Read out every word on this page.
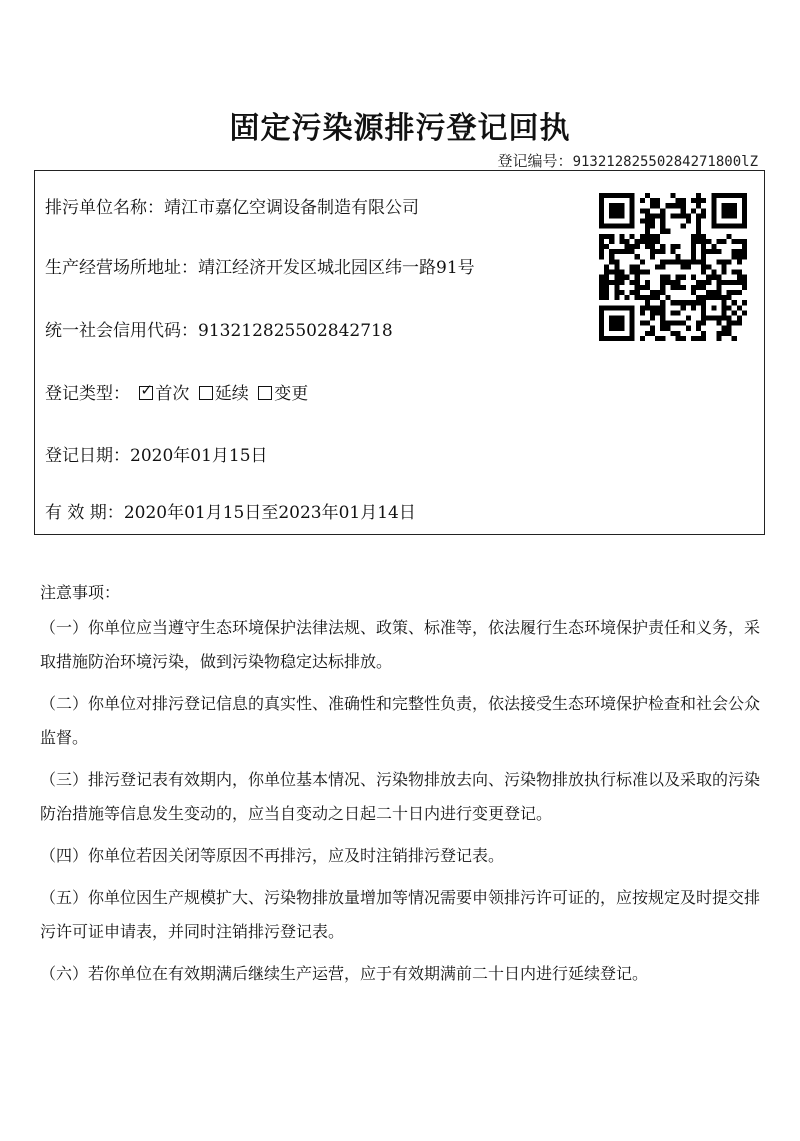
固定污染源排污登记回执
登记编号：91321282550284271800lZ
排污单位名称：靖江市嘉亿空调设备制造有限公司
生产经营场所地址：靖江经济开发区城北园区纬一路91号
统一社会信用代码：913212825502842718
登记类型： ✓ 首次 延续 变更
登记日期：2020年01月15日
有 效 期：2020年01月15日至2023年01月14日
注意事项：

（一）你单位应当遵守生态环境保护法律法规、政策、标准等，依法履行生态环境保护责任和义务，采取措施防治环境污染，做到污染物稳定达标排放。

（二）你单位对排污登记信息的真实性、准确性和完整性负责，依法接受生态环境保护检查和社会公众监督。

（三）排污登记表有效期内，你单位基本情况、污染物排放去向、污染物排放执行标准以及采取的污染防治措施等信息发生变动的，应当自变动之日起二十日内进行变更登记。

（四）你单位若因关闭等原因不再排污，应及时注销排污登记表。

（五）你单位因生产规模扩大、污染物排放量增加等情况需要申领排污许可证的，应按规定及时提交排污许可证申请表，并同时注销排污登记表。

（六）若你单位在有效期满后继续生产运营，应于有效期满前二十日内进行延续登记。
